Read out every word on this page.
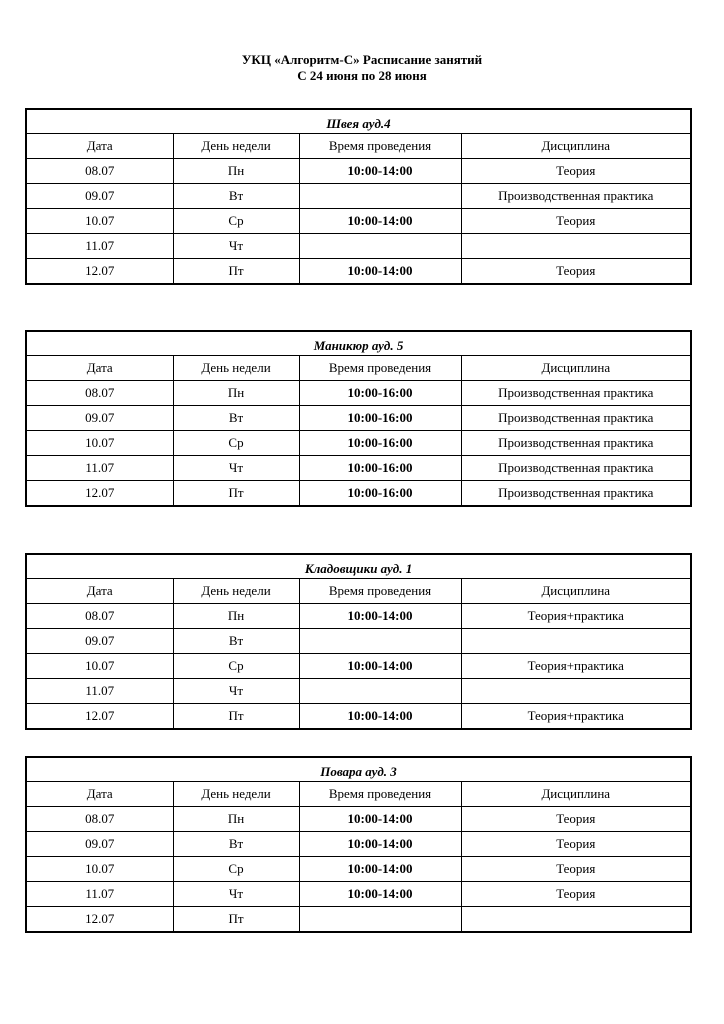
УКЦ «Алгоритм-С» Расписание занятий
С 24 июня по 28 июня
Швея ауд.4			
Дата	День недели	Время проведения	Дисциплина
08.07	Пн	10:00-14:00	Теория
09.07	Вт		Производственная практика
10.07	Ср	10:00-14:00	Теория
11.07	Чт		
12.07	Пт	10:00-14:00	Теория
Маникюр ауд. 5			
Дата	День недели	Время проведения	Дисциплина
08.07	Пн	10:00-16:00	Производственная практика
09.07	Вт	10:00-16:00	Производственная практика
10.07	Ср	10:00-16:00	Производственная практика
11.07	Чт	10:00-16:00	Производственная практика
12.07	Пт	10:00-16:00	Производственная практика
Кладовщики ауд. 1			
Дата	День недели	Время проведения	Дисциплина
08.07	Пн	10:00-14:00	Теория+практика
09.07	Вт		
10.07	Ср	10:00-14:00	Теория+практика
11.07	Чт		
12.07	Пт	10:00-14:00	Теория+практика
Повара ауд. 3			
Дата	День недели	Время проведения	Дисциплина
08.07	Пн	10:00-14:00	Теория
09.07	Вт	10:00-14:00	Теория
10.07	Ср	10:00-14:00	Теория
11.07	Чт	10:00-14:00	Теория
12.07	Пт		
